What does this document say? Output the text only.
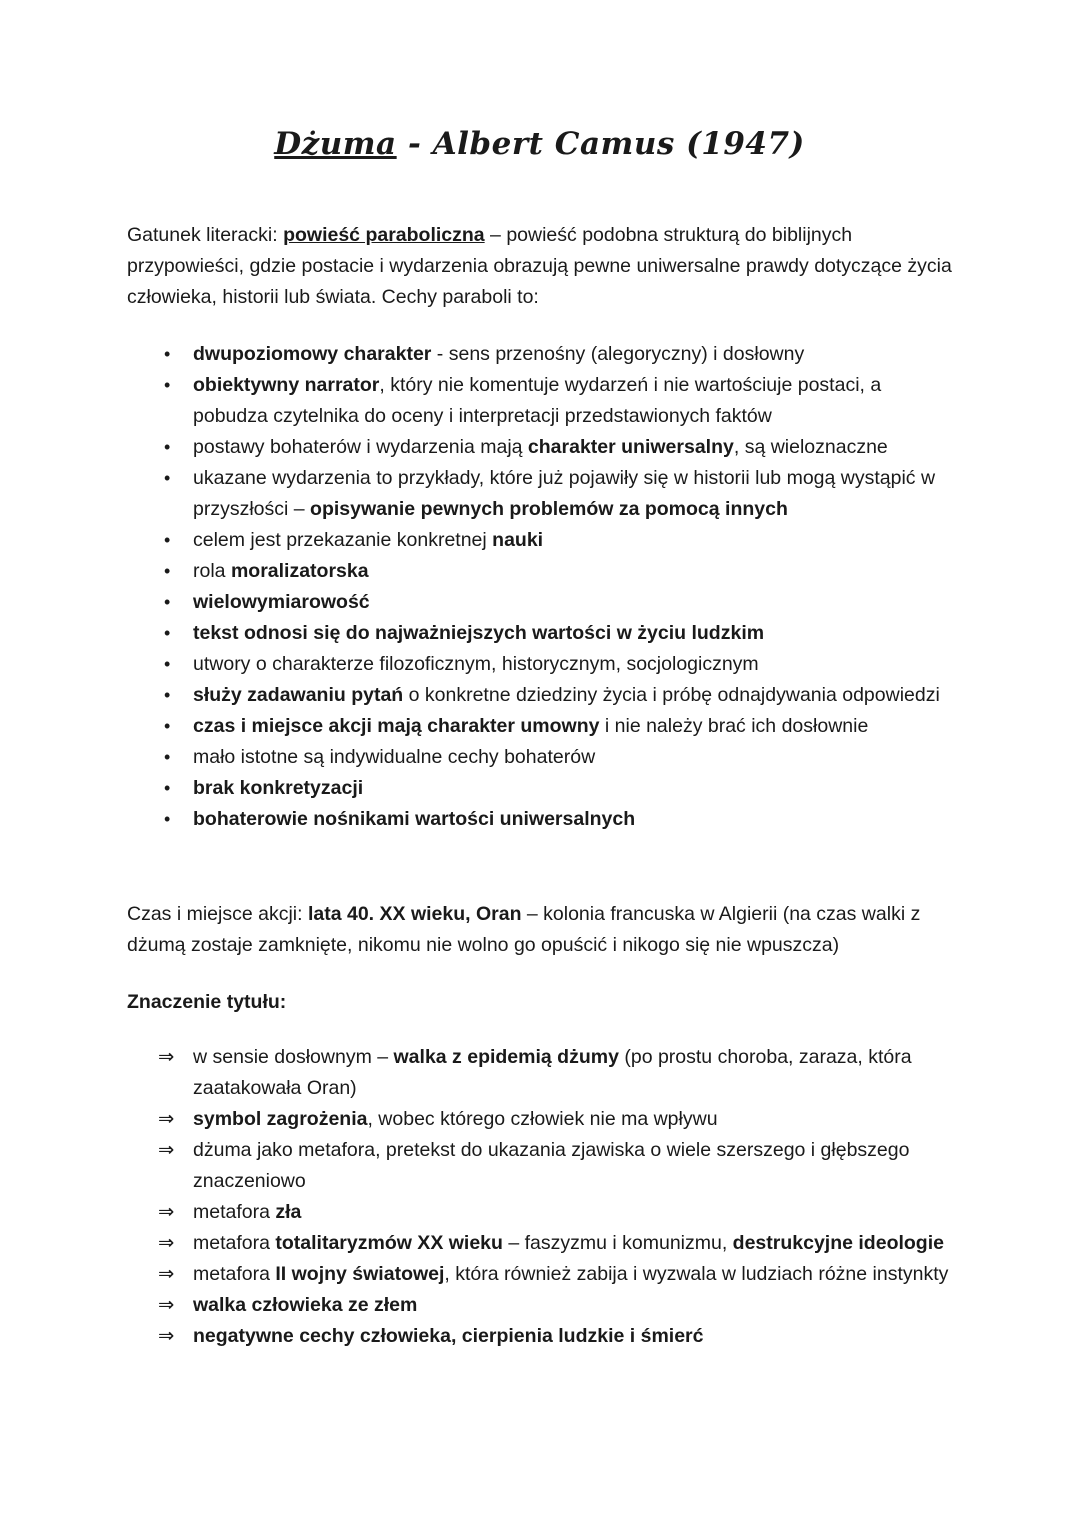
Dżuma - Albert Camus (1947)

Gatunek literacki: powieść paraboliczna – powieść podobna strukturą do biblijnych przypowieści, gdzie postacie i wydarzenia obrazują pewne uniwersalne prawdy dotyczące życia człowieka, historii lub świata. Cechy paraboli to:

•	dwupoziomowy charakter - sens przenośny (alegoryczny) i dosłowny
•	obiektywny narrator, który nie komentuje wydarzeń i nie wartościuje postaci, a pobudza czytelnika do oceny i interpretacji przedstawionych faktów
•	postawy bohaterów i wydarzenia mają charakter uniwersalny, są wieloznaczne
•	ukazane wydarzenia to przykłady, które już pojawiły się w historii lub mogą wystąpić w przyszłości – opisywanie pewnych problemów za pomocą innych
•	celem jest przekazanie konkretnej nauki
•	rola moralizatorska
•	wielowymiarowość
•	tekst odnosi się do najważniejszych wartości w życiu ludzkim
•	utwory o charakterze filozoficznym, historycznym, socjologicznym
•	służy zadawaniu pytań o konkretne dziedziny życia i próbę odnajdywania odpowiedzi
•	czas i miejsce akcji mają charakter umowny i nie należy brać ich dosłownie
•	mało istotne są indywidualne cechy bohaterów
•	brak konkretyzacji
•	bohaterowie nośnikami wartości uniwersalnych

Czas i miejsce akcji: lata 40. XX wieku, Oran – kolonia francuska w Algierii (na czas walki z dżumą zostaje zamknięte, nikomu nie wolno go opuścić i nikogo się nie wpuszcza)

Znaczenie tytułu:

⇒ w sensie dosłownym – walka z epidemią dżumy (po prostu choroba, zaraza, która zaatakowała Oran)
⇒ symbol zagrożenia, wobec którego człowiek nie ma wpływu
⇒ dżuma jako metafora, pretekst do ukazania zjawiska o wiele szerszego i głębszego znaczeniowo
⇒ metafora zła
⇒ metafora totalitaryzmów XX wieku – faszyzmu i komunizmu, destrukcyjne ideologie
⇒ metafora II wojny światowej, która również zabija i wyzwala w ludziach różne instynkty
⇒ walka człowieka ze złem
⇒ negatywne cechy człowieka, cierpienia ludzkie i śmierć
